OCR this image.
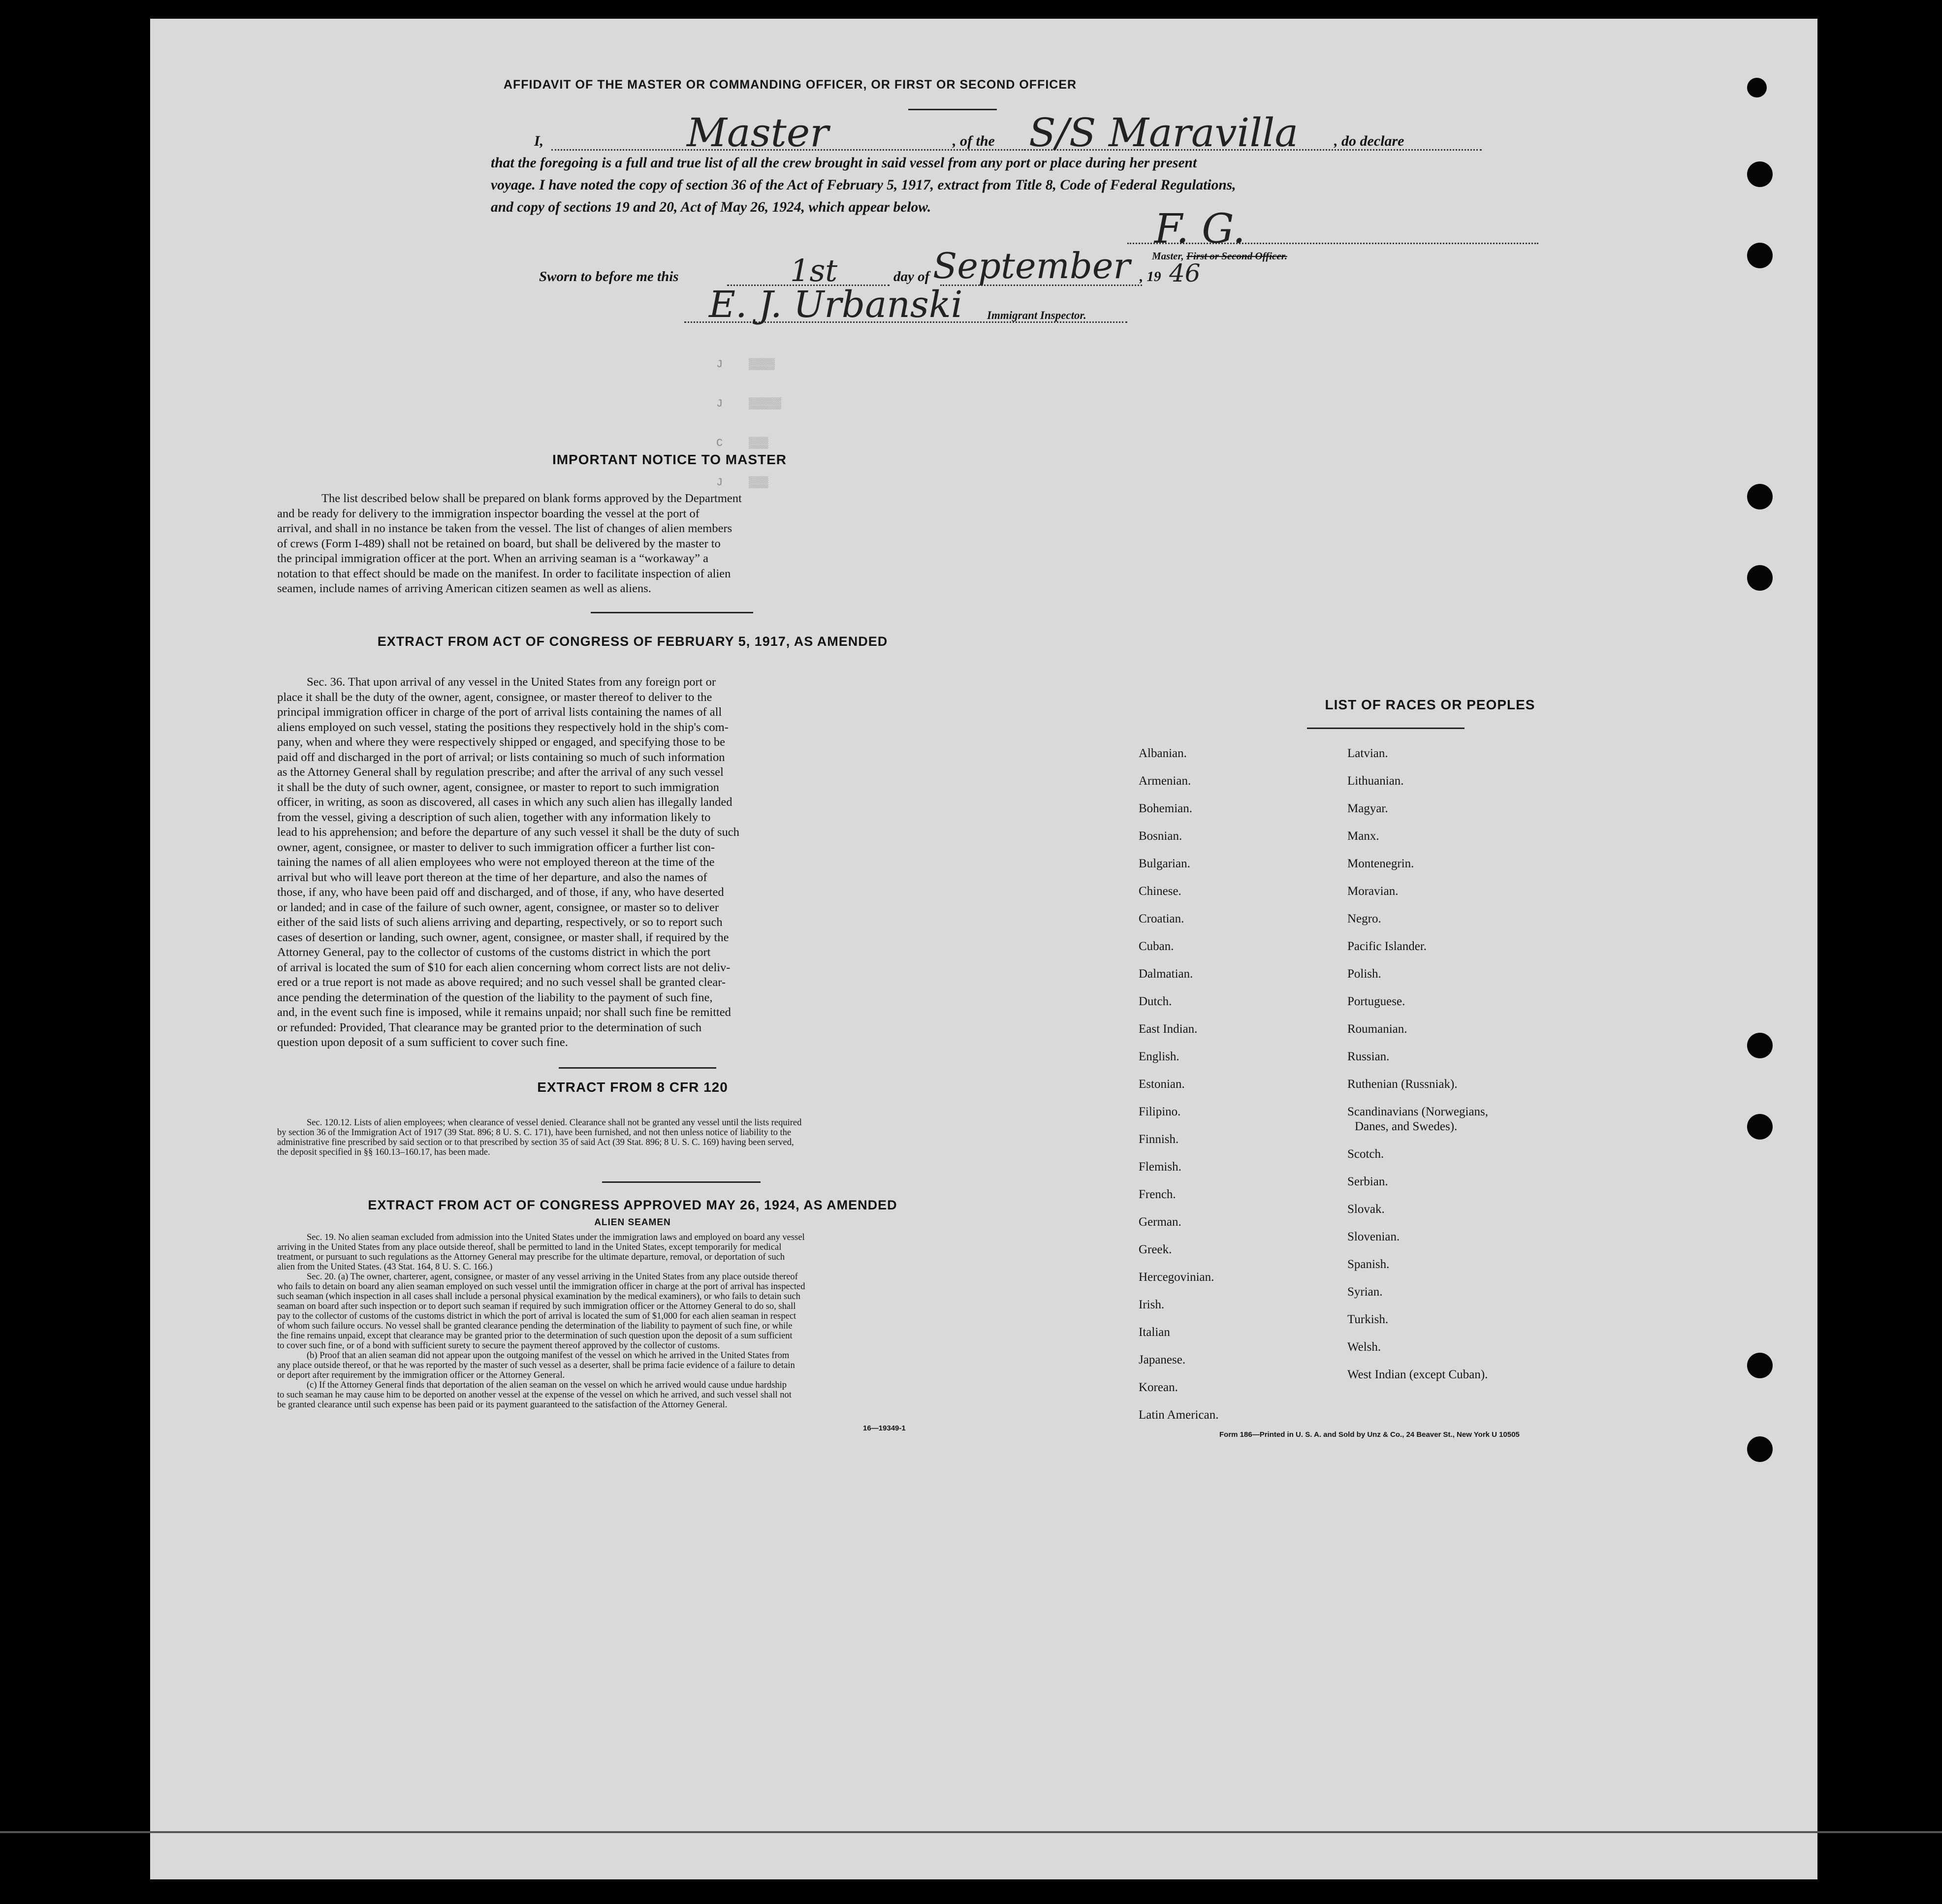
AFFIDAVIT OF THE MASTER OR COMMANDING OFFICER, OR FIRST OR SECOND OFFICER
I,	Master	, of the S/S Maravilla , do declare
that the foregoing is a full and true list of all the crew brought in said vessel from any port or place during her present
voyage. I have noted the copy of section 36 of the Act of February 5, 1917, extract from Title 8, Code of Federal Regulations,
and copy of sections 19 and 20, Act of May 26, 1924, which appear below.	F. G.
Master, First or Second Officer.
Sworn to before me this	1st	day of September , 19 46
E. J. Urbanski Immigrant Inspector.
J    ▒▒▒▒
J    ▒▒▒▒▒
C    ▒▒▒
J    ▒▒▒
IMPORTANT NOTICE TO MASTER
The list described below shall be prepared on blank forms approved by the Department
and be ready for delivery to the immigration inspector boarding the vessel at the port of
arrival, and shall in no instance be taken from the vessel. The list of changes of alien members
of crews (Form I-489) shall not be retained on board, but shall be delivered by the master to
the principal immigration officer at the port. When an arriving seaman is a “workaway” a
notation to that effect should be made on the manifest. In order to facilitate inspection of alien
seamen, include names of arriving American citizen seamen as well as aliens.
EXTRACT FROM ACT OF CONGRESS OF FEBRUARY 5, 1917, AS AMENDED
Sec. 36. That upon arrival of any vessel in the United States from any foreign port or
place it shall be the duty of the owner, agent, consignee, or master thereof to deliver to the
principal immigration officer in charge of the port of arrival lists containing the names of all
aliens employed on such vessel, stating the positions they respectively hold in the ship's com-
pany, when and where they were respectively shipped or engaged, and specifying those to be
paid off and discharged in the port of arrival; or lists containing so much of such information
as the Attorney General shall by regulation prescribe; and after the arrival of any such vessel
it shall be the duty of such owner, agent, consignee, or master to report to such immigration
officer, in writing, as soon as discovered, all cases in which any such alien has illegally landed
from the vessel, giving a description of such alien, together with any information likely to
lead to his apprehension; and before the departure of any such vessel it shall be the duty of such
owner, agent, consignee, or master to deliver to such immigration officer a further list con-
taining the names of all alien employees who were not employed thereon at the time of the
arrival but who will leave port thereon at the time of her departure, and also the names of
those, if any, who have been paid off and discharged, and of those, if any, who have deserted
or landed; and in case of the failure of such owner, agent, consignee, or master so to deliver
either of the said lists of such aliens arriving and departing, respectively, or so to report such
cases of desertion or landing, such owner, agent, consignee, or master shall, if required by the
Attorney General, pay to the collector of customs of the customs district in which the port
of arrival is located the sum of $10 for each alien concerning whom correct lists are not deliv-
ered or a true report is not made as above required; and no such vessel shall be granted clear-
ance pending the determination of the question of the liability to the payment of such fine,
and, in the event such fine is imposed, while it remains unpaid; nor shall such fine be remitted
or refunded: Provided, That clearance may be granted prior to the determination of such
question upon deposit of a sum sufficient to cover such fine.
EXTRACT FROM 8 CFR 120
Sec. 120.12. Lists of alien employees; when clearance of vessel denied. Clearance shall not be granted any vessel until the lists required
by section 36 of the Immigration Act of 1917 (39 Stat. 896; 8 U. S. C. 171), have been furnished, and not then unless notice of liability to the
administrative fine prescribed by said section or to that prescribed by section 35 of said Act (39 Stat. 896; 8 U. S. C. 169) having been served,
the deposit specified in §§ 160.13–160.17, has been made.
EXTRACT FROM ACT OF CONGRESS APPROVED MAY 26, 1924, AS AMENDED
ALIEN SEAMEN
Sec. 19. No alien seaman excluded from admission into the United States under the immigration laws and employed on board any vessel
arriving in the United States from any place outside thereof, shall be permitted to land in the United States, except temporarily for medical
treatment, or pursuant to such regulations as the Attorney General may prescribe for the ultimate departure, removal, or deportation of such
alien from the United States. (43 Stat. 164, 8 U. S. C. 166.)
Sec. 20. (a) The owner, charterer, agent, consignee, or master of any vessel arriving in the United States from any place outside thereof
who fails to detain on board any alien seaman employed on such vessel until the immigration officer in charge at the port of arrival has inspected
such seaman (which inspection in all cases shall include a personal physical examination by the medical examiners), or who fails to detain such
seaman on board after such inspection or to deport such seaman if required by such immigration officer or the Attorney General to do so, shall
pay to the collector of customs of the customs district in which the port of arrival is located the sum of $1,000 for each alien seaman in respect
of whom such failure occurs. No vessel shall be granted clearance pending the determination of the liability to payment of such fine, or while
the fine remains unpaid, except that clearance may be granted prior to the determination of such question upon the deposit of a sum sufficient
to cover such fine, or of a bond with sufficient surety to secure the payment thereof approved by the collector of customs.
(b) Proof that an alien seaman did not appear upon the outgoing manifest of the vessel on which he arrived in the United States from
any place outside thereof, or that he was reported by the master of such vessel as a deserter, shall be prima facie evidence of a failure to detain
or deport after requirement by the immigration officer or the Attorney General.
(c) If the Attorney General finds that deportation of the alien seaman on the vessel on which he arrived would cause undue hardship
to such seaman he may cause him to be deported on another vessel at the expense of the vessel on which he arrived, and such vessel shall not
be granted clearance until such expense has been paid or its payment guaranteed to the satisfaction of the Attorney General.
16—19349-1
LIST OF RACES OR PEOPLES
Albanian.
Armenian.
Bohemian.
Bosnian.
Bulgarian.
Chinese.
Croatian.
Cuban.
Dalmatian.
Dutch.
East Indian.
English.
Estonian.
Filipino.
Finnish.
Flemish.
French.
German.
Greek.
Hercegovinian.
Irish.
Italian
Japanese.
Korean.
Latin American.
Latvian.
Lithuanian.
Magyar.
Manx.
Montenegrin.
Moravian.
Negro.
Pacific Islander.
Polish.
Portuguese.
Roumanian.
Russian.
Ruthenian (Russniak).
Scandinavians (Norwegians,
Danes, and Swedes).
Scotch.
Serbian.
Slovak.
Slovenian.
Spanish.
Syrian.
Turkish.
Welsh.
West Indian (except Cuban).
Form 186—Printed in U. S. A. and Sold by Unz & Co., 24 Beaver St., New York U 10505
